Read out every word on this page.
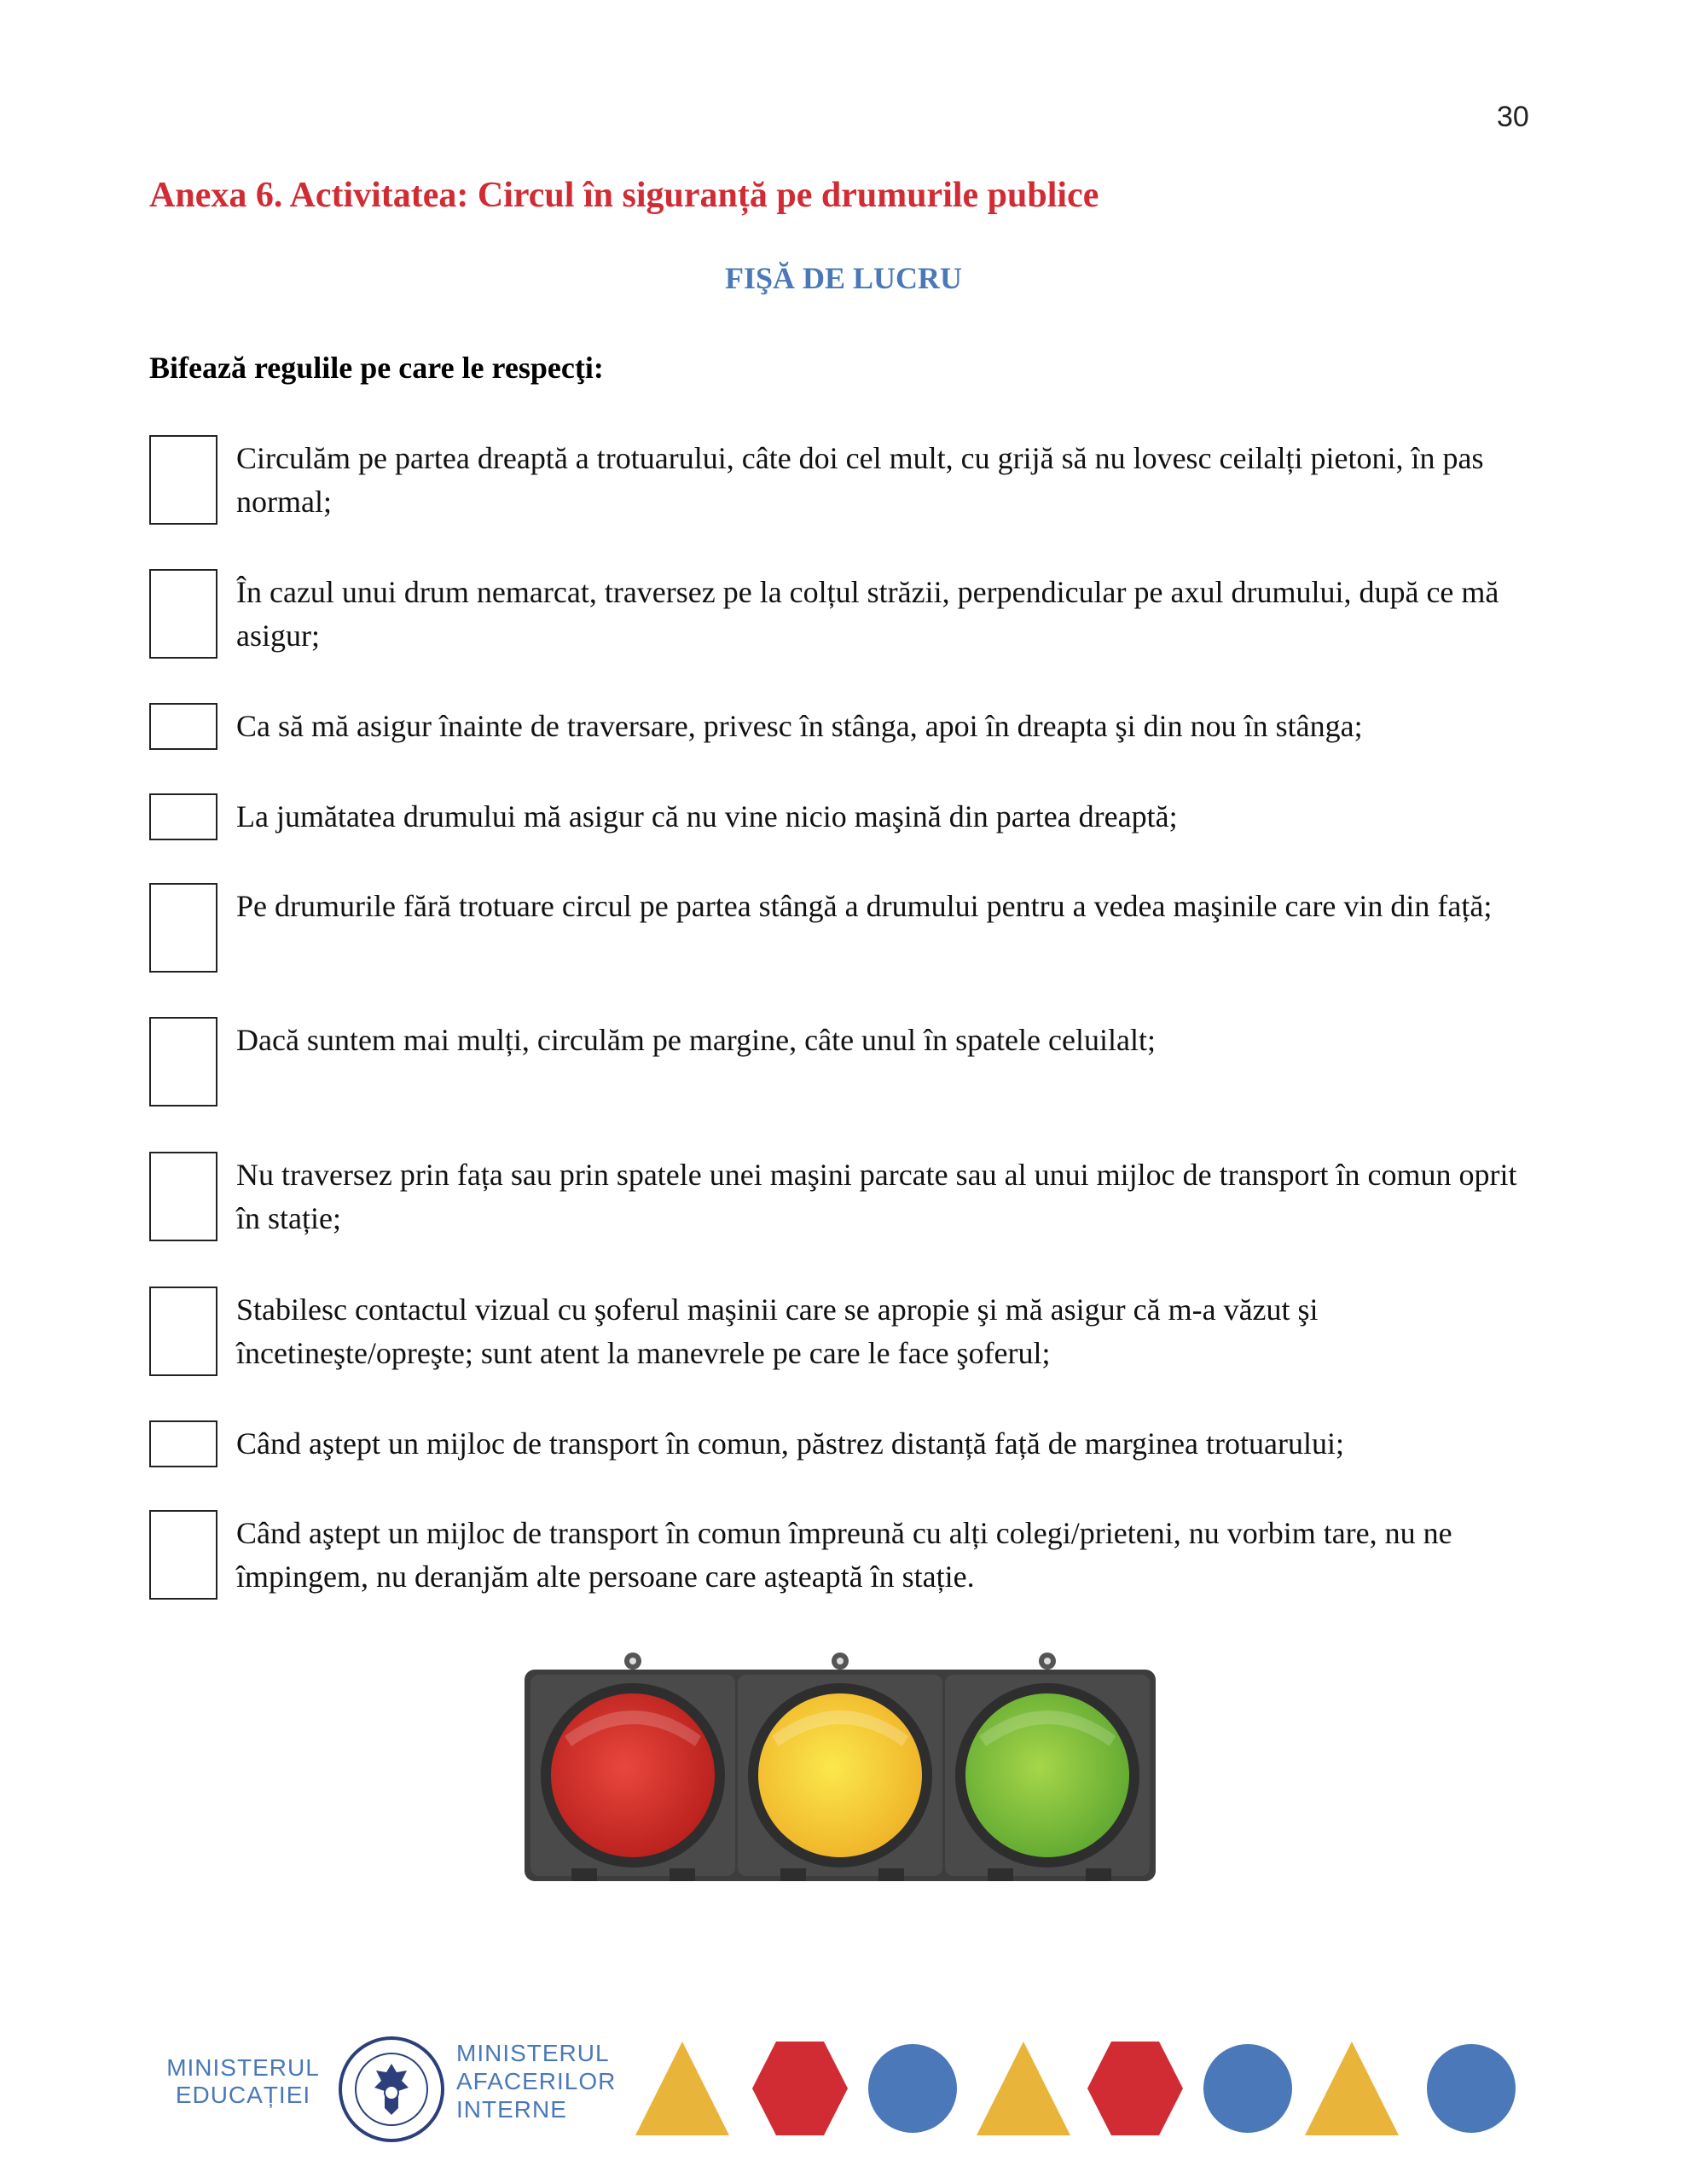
30
Anexa 6. Activitatea: Circul în siguranță pe drumurile publice
FIŞĂ DE LUCRU
Bifează regulile pe care le respecţi:
Circulăm pe partea dreaptă a trotuarului, câte doi cel mult, cu grijă să nu lovesc ceilalți pietoni, în pas normal;
În cazul unui drum nemarcat, traversez pe la colțul străzii, perpendicular pe axul drumului, după ce mă asigur;
Ca să mă asigur înainte de traversare, privesc în stânga, apoi în dreapta şi din nou în stânga;
La jumătatea drumului mă asigur că nu vine nicio maşină din partea dreaptă;
Pe drumurile fără trotuare circul pe partea stângă a drumului pentru a vedea maşinile care vin din față;
Dacă suntem mai mulți, circulăm pe margine, câte unul în spatele celuilalt;
Nu traversez prin fața sau prin spatele unei maşini parcate sau al unui mijloc de transport în comun oprit în stație;
Stabilesc contactul vizual cu şoferul maşinii care se apropie şi mă asigur că m-a văzut şi încetineşte/opreşte; sunt atent la manevrele pe care le face şoferul;
Când aştept un mijloc de transport în comun, păstrez distanță față de marginea trotuarului;
Când aştept un mijloc de transport în comun împreună cu alți colegi/prieteni, nu vorbim tare, nu ne împingem, nu deranjăm alte persoane care aşteaptă în stație.
MINISTERUL EDUCAȚIEI
MINISTERUL
AFACERILOR
INTERNE
